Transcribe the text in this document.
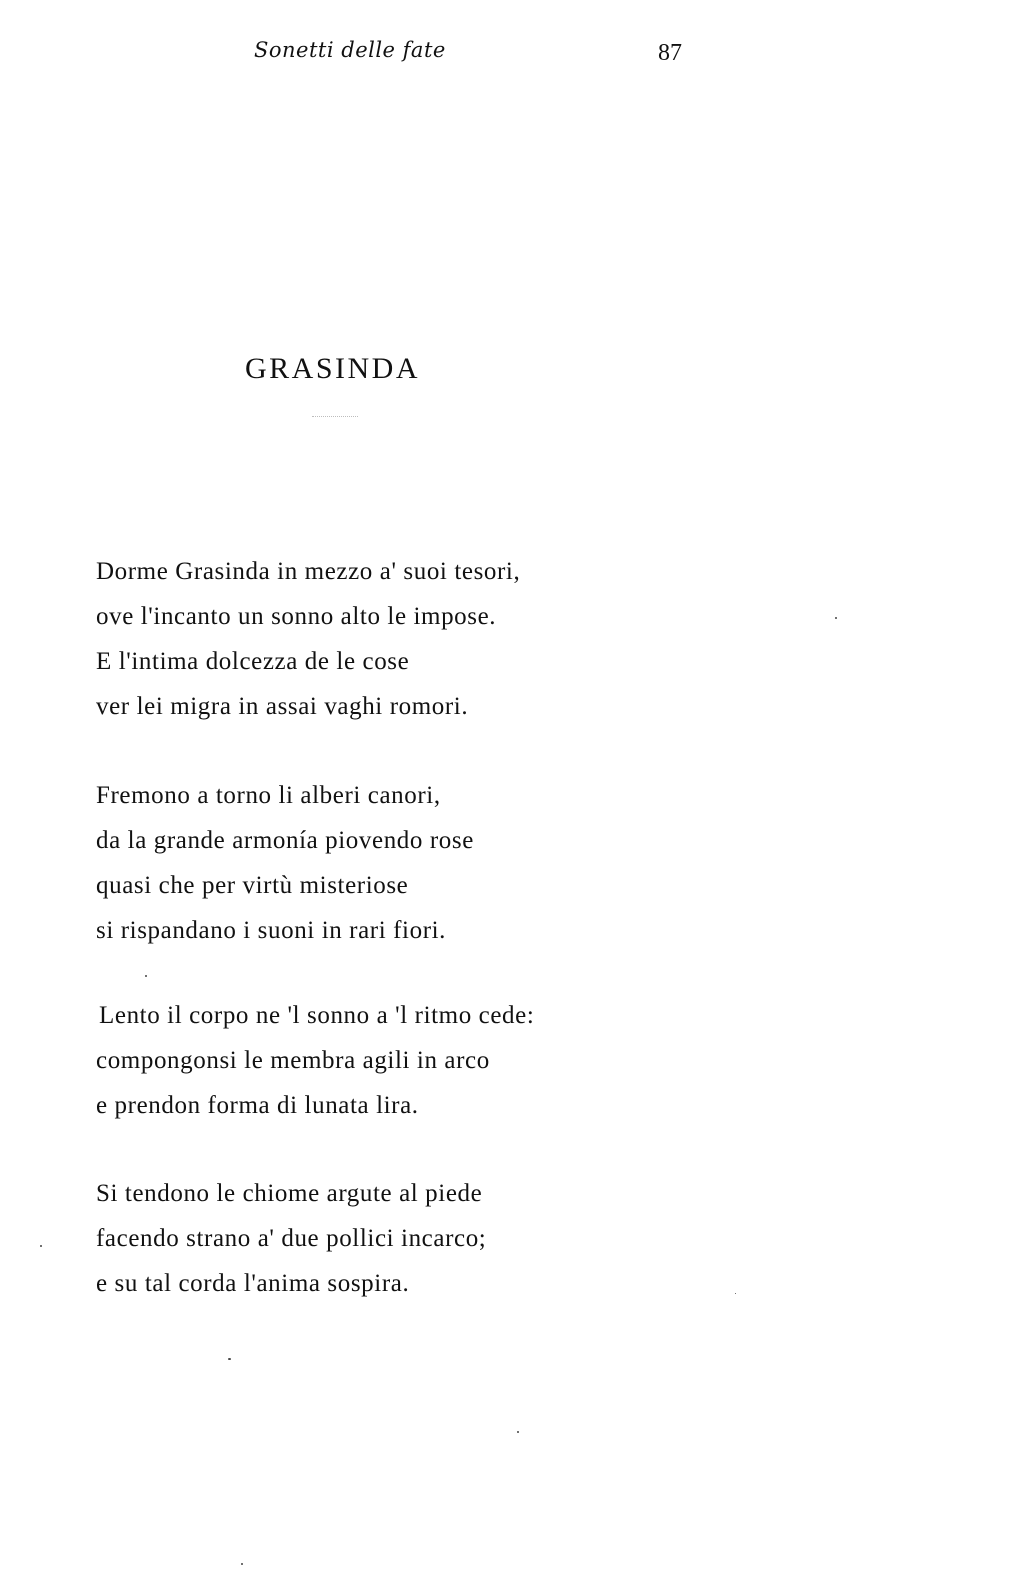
Sonetti delle fate	87
GRASINDA
Dorme Grasinda in mezzo a' suoi tesori,
ove l'incanto un sonno alto le impose.
E l'intima dolcezza de le cose
ver lei migra in assai vaghi romori.
Fremono a torno li alberi canori,
da la grande armonía piovendo rose
quasi che per virtù misteriose
si rispandano i suoni in rari fiori.
Lento il corpo ne 'l sonno a 'l ritmo cede:
compongonsi le membra agili in arco
e prendon forma di lunata lira.
Si tendono le chiome argute al piede
facendo strano a' due pollici incarco;
e su tal corda l'anima sospira.
